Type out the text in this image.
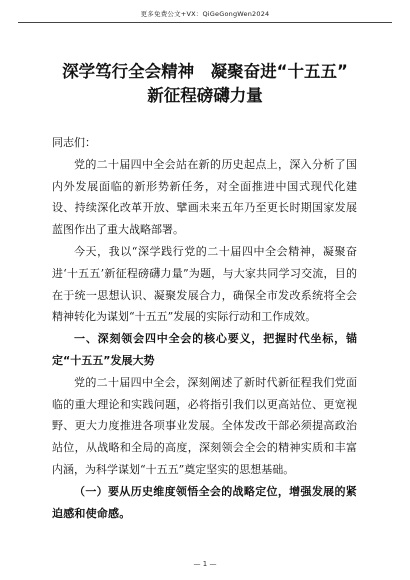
更多免费公文+VX：QiGeGongWen2024
深学笃行全会精神　凝聚奋进“十五五”
新征程磅礴力量

同志们：

党的二十届四中全会站在新的历史起点上，深入分析了国内外发展面临的新形势新任务，对全面推进中国式现代化建设、持续深化改革开放、擘画未来五年乃至更长时期国家发展蓝图作出了重大战略部署。

今天，我以“深学践行党的二十届四中全会精神，凝聚奋进‘十五五’新征程磅礴力量”为题，与大家共同学习交流，目的在于统一思想认识、凝聚发展合力，确保全市发改系统将全会精神转化为谋划“十五五”发展的实际行动和工作成效。

一、深刻领会四中全会的核心要义，把握时代坐标，锚定“十五五”发展大势

党的二十届四中全会，深刻阐述了新时代新征程我们党面临的重大理论和实践问题，必将指引我们以更高站位、更宽视野、更大力度推进各项事业发展。全体发改干部必须提高政治站位，从战略和全局的高度，深刻领会全会的精神实质和丰富内涵，为科学谋划“十五五”奠定坚实的思想基础。

（一）要从历史维度领悟全会的战略定位，增强发展的紧迫感和使命感。

— 1 —
